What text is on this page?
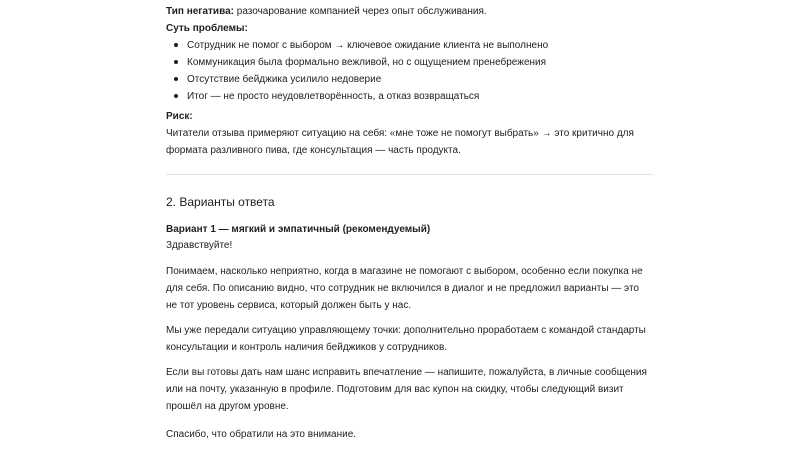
Тип негатива: разочарование компанией через опыт обслуживания.

Суть проблемы:

Сотрудник не помог с выбором → ключевое ожидание клиента не выполнено
Коммуникация была формально вежливой, но с ощущением пренебрежения
Отсутствие бейджика усилило недоверие
Итог — не просто неудовлетворённость, а отказ возвращаться

Риск:

Читатели отзыва примеряют ситуацию на себя: «мне тоже не помогут выбрать» → это критично для
формата разливного пива, где консультация — часть продукта.
2. Варианты ответа

Вариант 1 — мягкий и эмпатичный (рекомендуемый)

Здравствуйте!

Понимаем, насколько неприятно, когда в магазине не помогают с выбором, особенно если покупка не
для себя. По описанию видно, что сотрудник не включился в диалог и не предложил варианты — это
не тот уровень сервиса, который должен быть у нас.
Мы уже передали ситуацию управляющему точки: дополнительно проработаем с командой стандарты
консультации и контроль наличия бейджиков у сотрудников.
Если вы готовы дать нам шанс исправить впечатление — напишите, пожалуйста, в личные сообщения
или на почту, указанную в профиле. Подготовим для вас купон на скидку, чтобы следующий визит
прошёл на другом уровне.

Спасибо, что обратили на это внимание.
